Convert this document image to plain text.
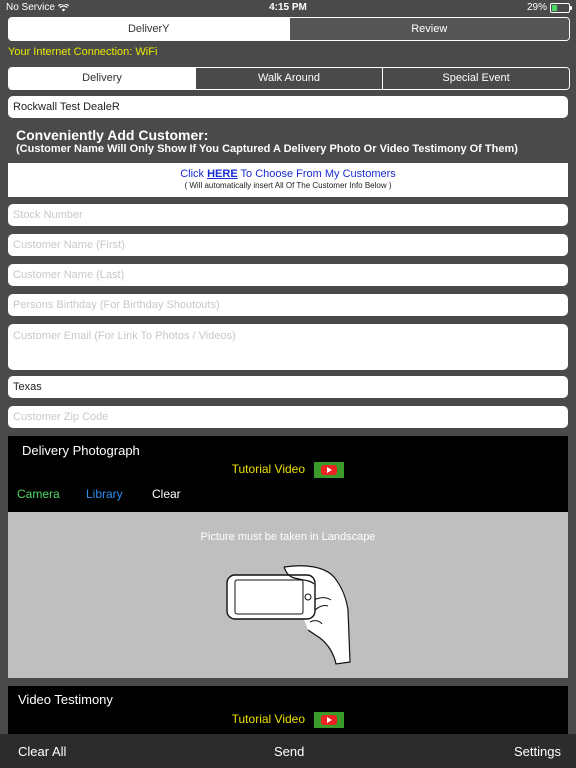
No Service	4:15 PM	29%
DeliverY	Review
Your Internet Connection: WiFi
Delivery	Walk Around	Special Event
Rockwall Test DealeR
Conveniently Add Customer:
(Customer Name Will Only Show If You Captured A Delivery Photo Or Video Testimony Of Them)
Click HERE To Choose From My Customers
( Will automatically insert All Of The Customer Info Below )
Stock Number
Customer Name (First)
Customer Name (Last)
Persons Birthday (For Birthday Shoutouts)
Customer Email (For Link To Photos / Videos)
Texas
Customer Zip Code
Delivery Photograph
Tutorial Video
Camera	Library	Clear
Picture must be taken in Landscape
Video Testimony
Tutorial Video
Clear All	Send	Settings
